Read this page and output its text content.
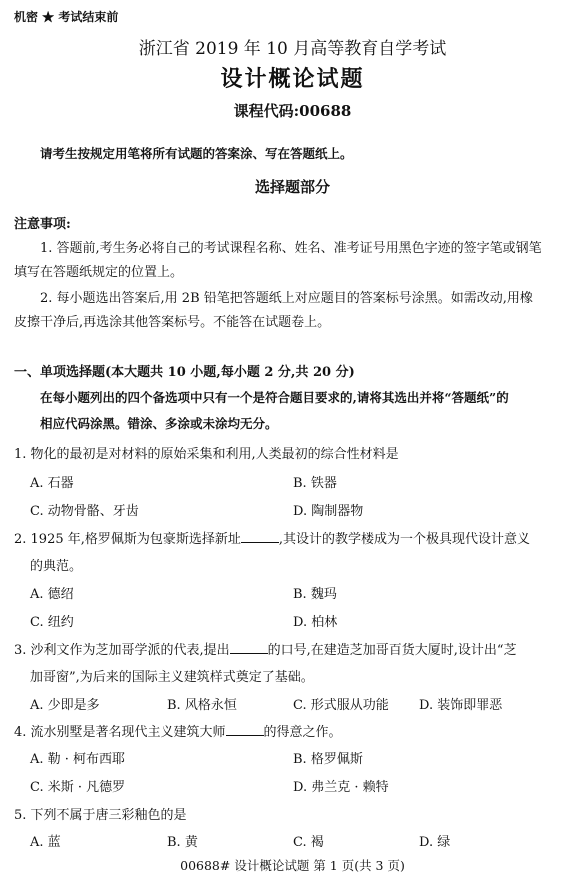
机密 ★ 考试结束前
浙江省 2019 年 10 月高等教育自学考试
设计概论试题
课程代码:00688
请考生按规定用笔将所有试题的答案涂、写在答题纸上。
选择题部分
注意事项:
1. 答题前,考生务必将自己的考试课程名称、姓名、准考证号用黑色字迹的签字笔或钢笔
填写在答题纸规定的位置上。
2. 每小题选出答案后,用 2B 铅笔把答题纸上对应题目的答案标号涂黑。如需改动,用橡
皮擦干净后,再选涂其他答案标号。不能答在试题卷上。
一、单项选择题(本大题共 10 小题,每小题 2 分,共 20 分)
在每小题列出的四个备选项中只有一个是符合题目要求的,请将其选出并将“答题纸”的
相应代码涂黑。错涂、多涂或未涂均无分。
1. 物化的最初是对材料的原始采集和利用,人类最初的综合性材料是
A. 石器	B. 铁器
C. 动物骨骼、牙齿	D. 陶制器物
2. 1925 年,格罗佩斯为包豪斯选择新址	,其设计的教学楼成为一个极具现代设计意义
的典范。
A. 德绍	B. 魏玛
C. 纽约	D. 柏林
3. 沙利文作为芝加哥学派的代表,提出	的口号,在建造芝加哥百货大厦时,设计出“芝
加哥窗”,为后来的国际主义建筑样式奠定了基础。
A. 少即是多	B. 风格永恒	C. 形式服从功能 D. 装饰即罪恶
4. 流水别墅是著名现代主义建筑大师	的得意之作。
A. 勒 · 柯布西耶	B. 格罗佩斯
C. 米斯 · 凡德罗	D. 弗兰克 · 赖特
5. 下列不属于唐三彩釉色的是
A. 蓝	B. 黄	C. 褐	D. 绿
00688# 设计概论试题 第 1 页(共 3 页)
